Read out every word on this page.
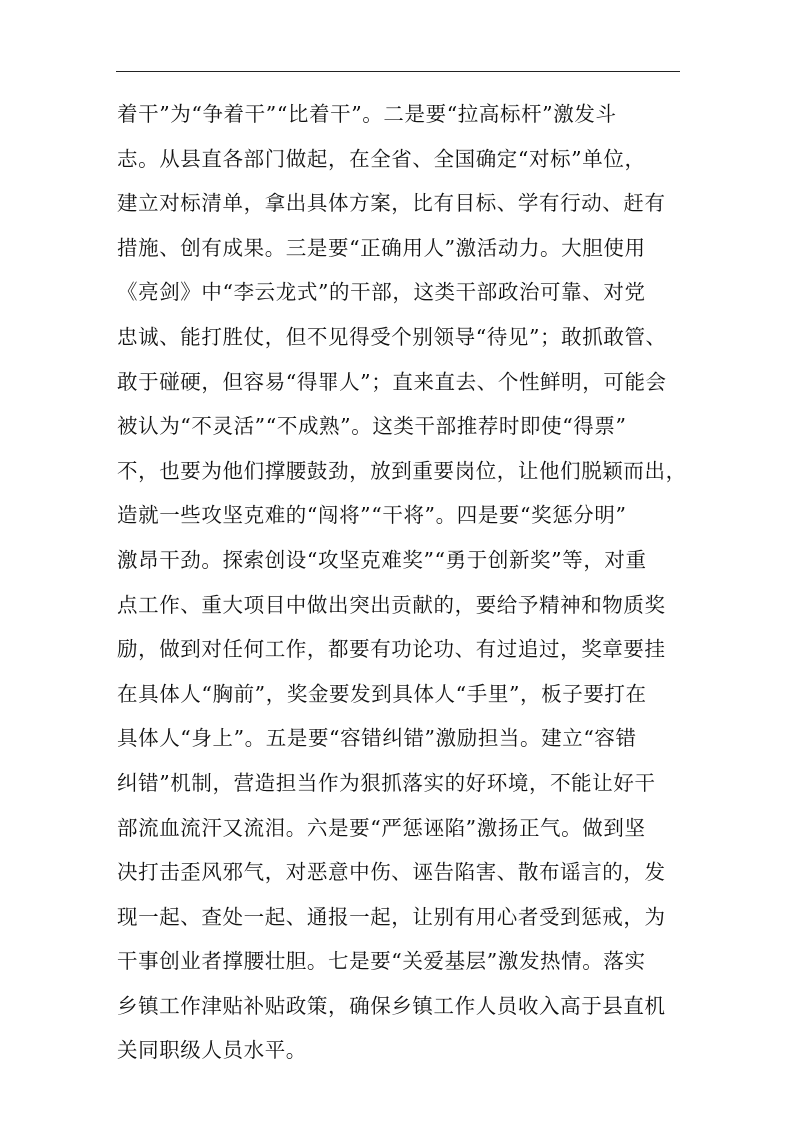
着干”为“争着干”“比着干”。二是要“拉高标杆”激发斗
志。从县直各部门做起，在全省、全国确定“对标”单位，
建立对标清单，拿出具体方案，比有目标、学有行动、赶有
措施、创有成果。三是要“正确用人”激活动力。大胆使用
《亮剑》中“李云龙式”的干部，这类干部政治可靠、对党
忠诚、能打胜仗，但不见得受个别领导“待见”；敢抓敢管、
敢于碰硬，但容易“得罪人”；直来直去、个性鲜明，可能会
被认为“不灵活”“不成熟”。这类干部推荐时即使“得票”
不，也要为他们撑腰鼓劲，放到重要岗位，让他们脱颖而出，
造就一些攻坚克难的“闯将”“干将”。四是要“奖惩分明”
激昂干劲。探索创设“攻坚克难奖”“勇于创新奖”等，对重
点工作、重大项目中做出突出贡献的，要给予精神和物质奖
励，做到对任何工作，都要有功论功、有过追过，奖章要挂
在具体人“胸前”，奖金要发到具体人“手里”，板子要打在
具体人“身上”。五是要“容错纠错”激励担当。建立“容错
纠错”机制，营造担当作为狠抓落实的好环境，不能让好干
部流血流汗又流泪。六是要“严惩诬陷”激扬正气。做到坚
决打击歪风邪气，对恶意中伤、诬告陷害、散布谣言的，发
现一起、查处一起、通报一起，让别有用心者受到惩戒，为
干事创业者撑腰壮胆。七是要“关爱基层”激发热情。落实
乡镇工作津贴补贴政策，确保乡镇工作人员收入高于县直机
关同职级人员水平。
